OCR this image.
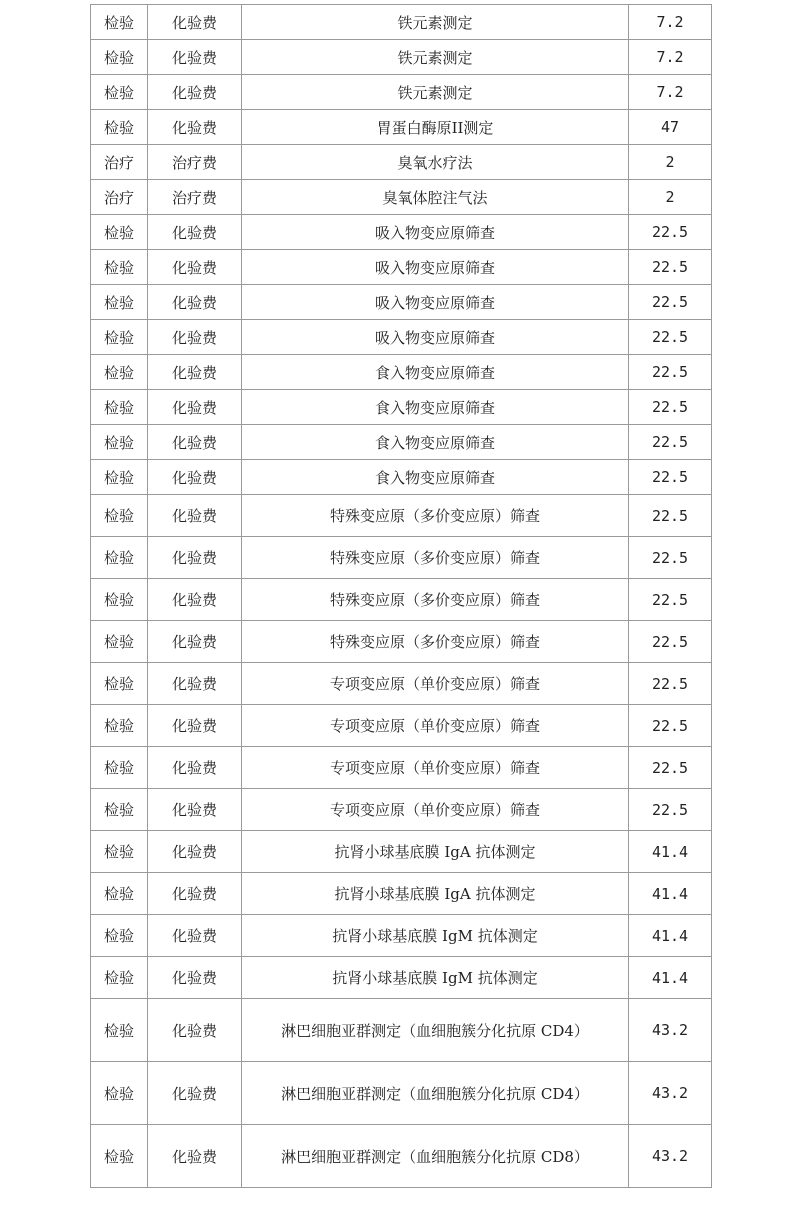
检验	化验费	铁元素测定	7.2
检验	化验费	铁元素测定	7.2
检验	化验费	铁元素测定	7.2
检验	化验费	胃蛋白酶原ⅠⅠ测定	47
治疗	治疗费	臭氧水疗法	2
治疗	治疗费	臭氧体腔注气法	2
检验	化验费	吸入物变应原筛查	22.5
检验	化验费	吸入物变应原筛查	22.5
检验	化验费	吸入物变应原筛查	22.5
检验	化验费	吸入物变应原筛查	22.5
检验	化验费	食入物变应原筛查	22.5
检验	化验费	食入物变应原筛查	22.5
检验	化验费	食入物变应原筛查	22.5
检验	化验费	食入物变应原筛查	22.5
检验	化验费	特殊变应原（多价变应原）筛查	22.5
检验	化验费	特殊变应原（多价变应原）筛查	22.5
检验	化验费	特殊变应原（多价变应原）筛查	22.5
检验	化验费	特殊变应原（多价变应原）筛查	22.5
检验	化验费	专项变应原（单价变应原）筛查	22.5
检验	化验费	专项变应原（单价变应原）筛查	22.5
检验	化验费	专项变应原（单价变应原）筛查	22.5
检验	化验费	专项变应原（单价变应原）筛查	22.5
检验	化验费	抗肾小球基底膜 IgA 抗体测定	41.4
检验	化验费	抗肾小球基底膜 IgA 抗体测定	41.4
检验	化验费	抗肾小球基底膜 IgM 抗体测定	41.4
检验	化验费	抗肾小球基底膜 IgM 抗体测定	41.4
检验	化验费	淋巴细胞亚群测定（血细胞簇分化抗原 CD4）	43.2
检验	化验费	淋巴细胞亚群测定（血细胞簇分化抗原 CD4）	43.2
检验	化验费	淋巴细胞亚群测定（血细胞簇分化抗原 CD8）	43.2
